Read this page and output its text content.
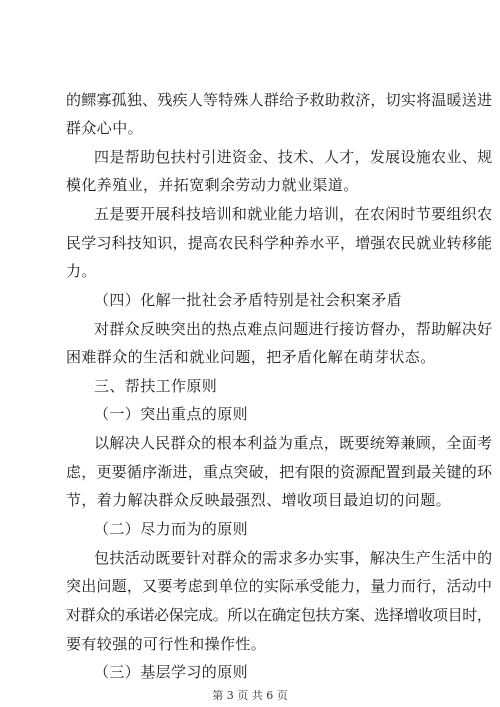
的鳏寡孤独、残疾人等特殊人群给予救助救济，切实将温暖送进
群众心中。
四是帮助包扶村引进资金、技术、人才，发展设施农业、规
模化养殖业，并拓宽剩余劳动力就业渠道。
五是要开展科技培训和就业能力培训，在农闲时节要组织农
民学习科技知识，提高农民科学种养水平，增强农民就业转移能
力。
（四）化解一批社会矛盾特别是社会积案矛盾
对群众反映突出的热点难点问题进行接访督办，帮助解决好
困难群众的生活和就业问题，把矛盾化解在萌芽状态。
三、帮扶工作原则
（一）突出重点的原则
以解决人民群众的根本利益为重点，既要统筹兼顾，全面考
虑，更要循序渐进，重点突破，把有限的资源配置到最关键的环
节，着力解决群众反映最强烈、增收项目最迫切的问题。
（二）尽力而为的原则
包扶活动既要针对群众的需求多办实事，解决生产生活中的
突出问题，又要考虑到单位的实际承受能力，量力而行，活动中
对群众的承诺必保完成。所以在确定包扶方案、选择增收项目时，
要有较强的可行性和操作性。
（三）基层学习的原则
第 3 页 共 6 页
